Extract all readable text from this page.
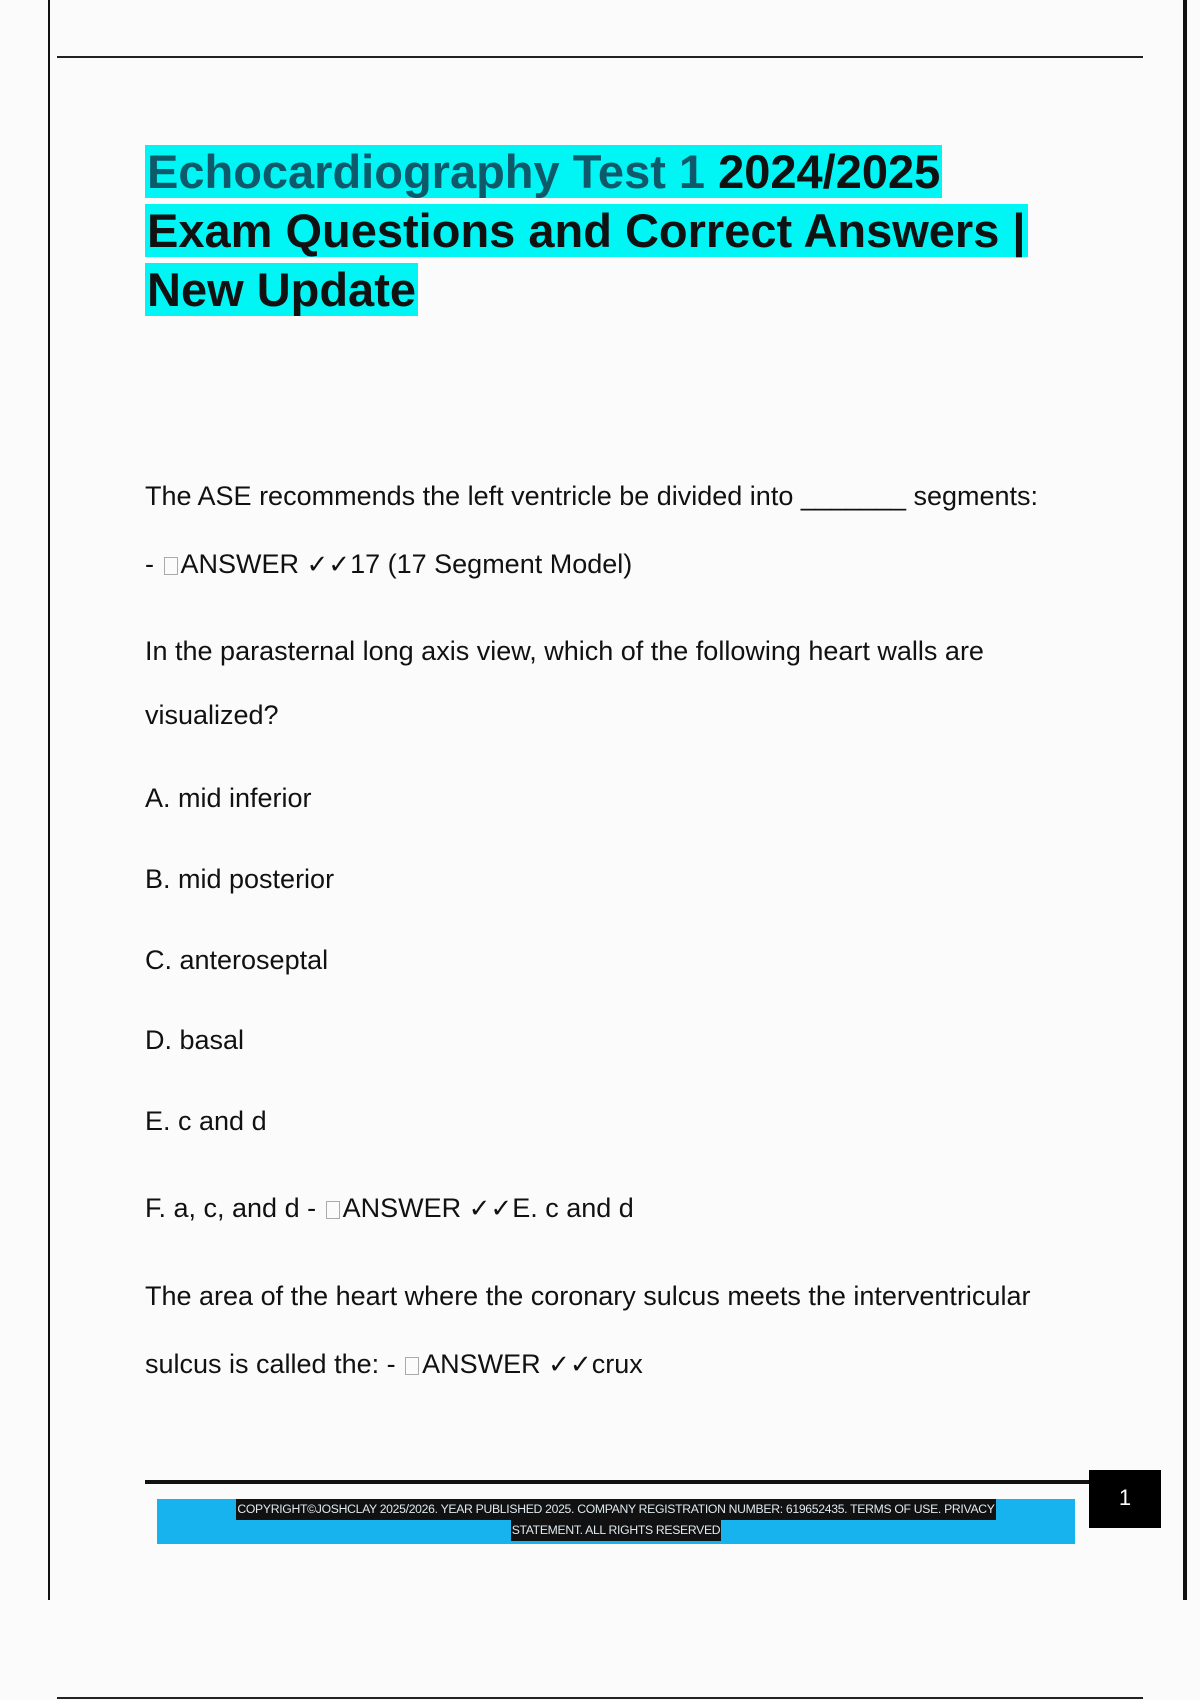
Echocardiography Test 1 2024/2025
Exam Questions and Correct Answers |
New Update
The ASE recommends the left ventricle be divided into _______ segments:
- ANSWER ✓✓17 (17 Segment Model)
In the parasternal long axis view, which of the following heart walls are
visualized?
A. mid inferior
B. mid posterior
C. anteroseptal
D. basal
E. c and d
F. a, c, and d - ANSWER ✓✓E. c and d
The area of the heart where the coronary sulcus meets the interventricular
sulcus is called the: - ANSWER ✓✓crux
COPYRIGHT©JOSHCLAY 2025/2026. YEAR PUBLISHED 2025. COMPANY REGISTRATION NUMBER: 619652435. TERMS OF USE. PRIVACY
STATEMENT. ALL RIGHTS RESERVED
1
